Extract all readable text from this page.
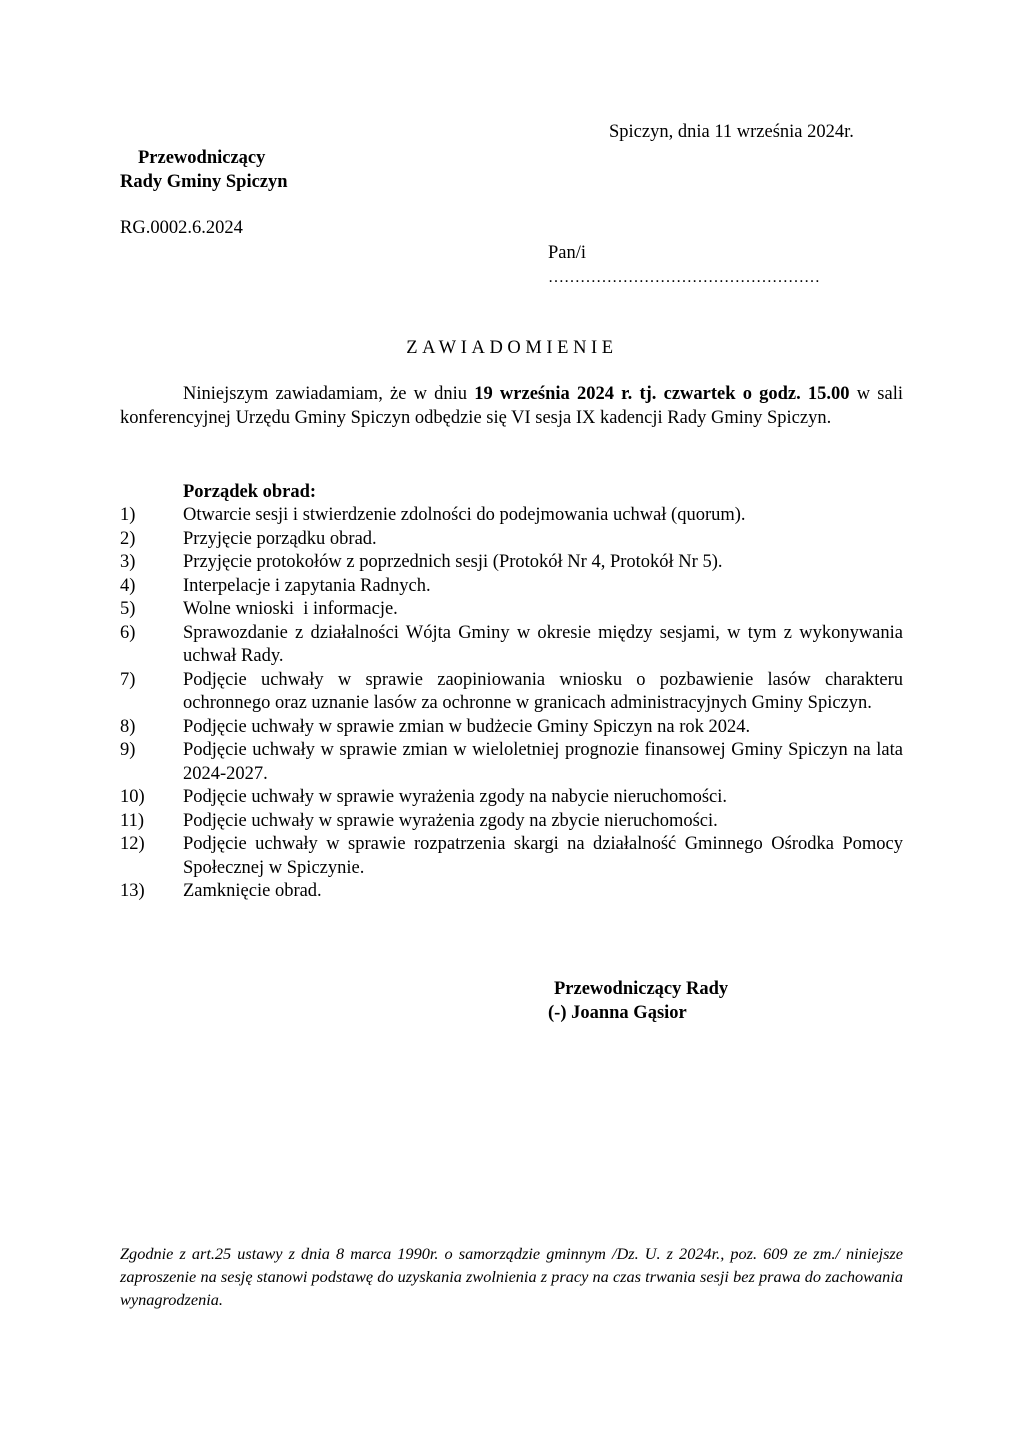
Spiczyn, dnia 11 września 2024r.
Przewodniczący
Rady Gminy Spiczyn
RG.0002.6.2024
Pan/i
……………………………………………
ZAWIADOMIENIE
Niniejszym zawiadamiam, że w dniu 19 września 2024 r. tj. czwartek o godz. 15.00 w sali konferencyjnej Urzędu Gminy Spiczyn odbędzie się VI sesja IX kadencji Rady Gminy Spiczyn.
Porządek obrad:
1)	Otwarcie sesji i stwierdzenie zdolności do podejmowania uchwał (quorum).
2)	Przyjęcie porządku obrad.
3)	Przyjęcie protokołów z poprzednich sesji (Protokół Nr 4, Protokół Nr 5).
4)	Interpelacje i zapytania Radnych.
5)	Wolne wnioski  i informacje.
6)	Sprawozdanie z działalności Wójta Gminy w okresie między sesjami, w tym z wykonywania uchwał Rady.
7)	Podjęcie uchwały w sprawie zaopiniowania wniosku o pozbawienie lasów charakteru ochronnego oraz uznanie lasów za ochronne w granicach administracyjnych Gminy Spiczyn.
8)	Podjęcie uchwały w sprawie zmian w budżecie Gminy Spiczyn na rok 2024.
9)	Podjęcie uchwały w sprawie zmian w wieloletniej prognozie finansowej Gminy Spiczyn na lata 2024-2027.
10)	Podjęcie uchwały w sprawie wyrażenia zgody na nabycie nieruchomości.
11)	Podjęcie uchwały w sprawie wyrażenia zgody na zbycie nieruchomości.
12)	Podjęcie uchwały w sprawie rozpatrzenia skargi na działalność Gminnego Ośrodka Pomocy Społecznej w Spiczynie.
13)	Zamknięcie obrad.
Przewodniczący Rady
(-) Joanna Gąsior
Zgodnie z art.25 ustawy z dnia 8 marca 1990r. o samorządzie gminnym /Dz. U. z 2024r., poz. 609 ze zm./ niniejsze zaproszenie na sesję stanowi podstawę do uzyskania zwolnienia z pracy na czas trwania sesji bez prawa do zachowania wynagrodzenia.
